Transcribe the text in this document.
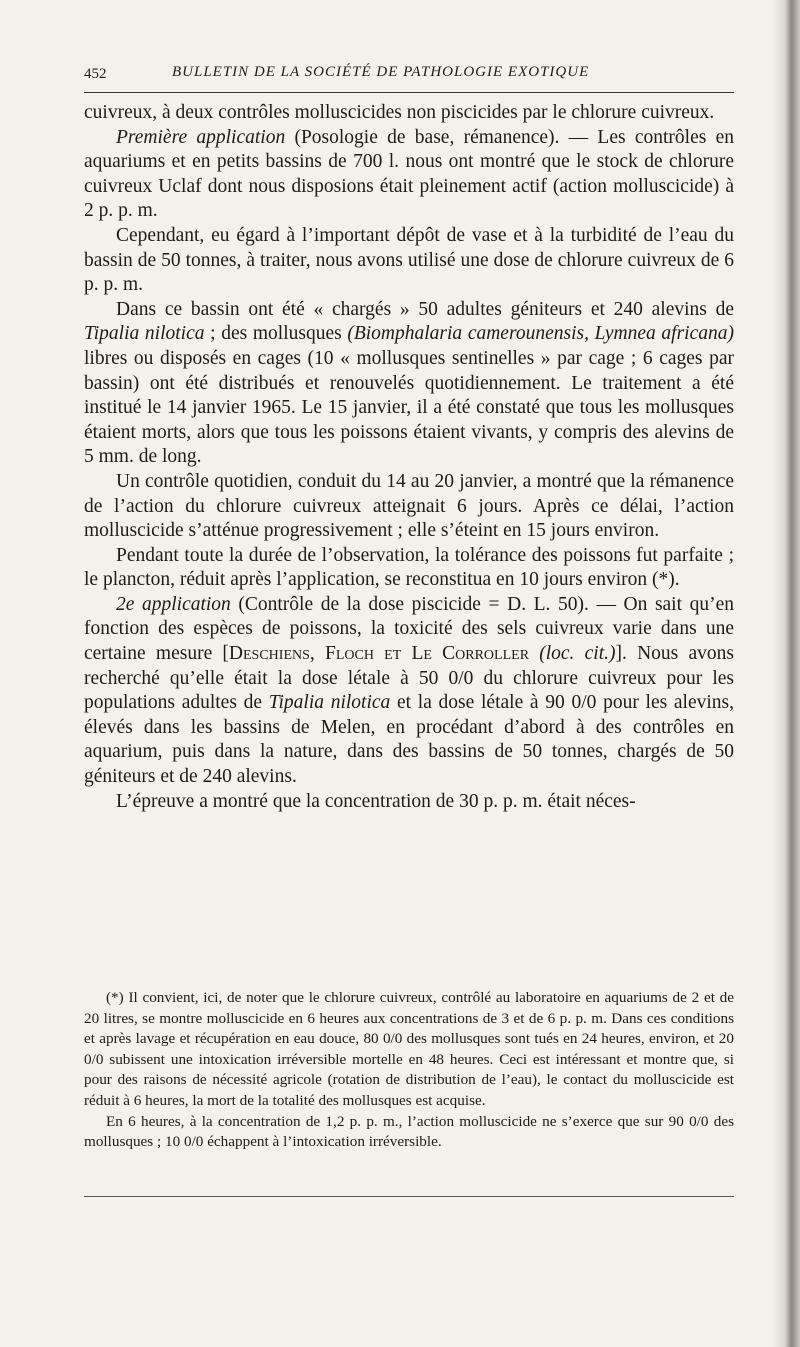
452	BULLETIN DE LA SOCIÉTÉ DE PATHOLOGIE EXOTIQUE

cuivreux, à deux contrôles molluscicides non piscicides par le chlorure cuivreux.

Première application (Posologie de base, rémanence). — Les contrôles en aquariums et en petits bassins de 700 l. nous ont montré que le stock de chlorure cuivreux Uclaf dont nous disposions était pleinement actif (action molluscicide) à 2 p. p. m.

Cependant, eu égard à l’important dépôt de vase et à la turbidité de l’eau du bassin de 50 tonnes, à traiter, nous avons utilisé une dose de chlorure cuivreux de 6 p. p. m.

Dans ce bassin ont été « chargés » 50 adultes géniteurs et 240 alevins de Tipalia nilotica ; des mollusques (Biomphalaria camerounensis, Lymnea africana) libres ou disposés en cages (10 « mollusques sentinelles » par cage ; 6 cages par bassin) ont été distribués et renouvelés quotidiennement. Le traitement a été institué le 14 janvier 1965. Le 15 janvier, il a été constaté que tous les mollusques étaient morts, alors que tous les poissons étaient vivants, y compris des alevins de 5 mm. de long.

Un contrôle quotidien, conduit du 14 au 20 janvier, a montré que la rémanence de l’action du chlorure cuivreux atteignait 6 jours. Après ce délai, l’action molluscicide s’atténue progressivement ; elle s’éteint en 15 jours environ.

Pendant toute la durée de l’observation, la tolérance des poissons fut parfaite ; le plancton, réduit après l’application, se reconstitua en 10 jours environ (*).

2e application (Contrôle de la dose piscicide = D. L. 50). — On sait qu’en fonction des espèces de poissons, la toxicité des sels cuivreux varie dans une certaine mesure [Deschiens, Floch et Le Corroller (loc. cit.)]. Nous avons recherché qu’elle était la dose létale à 50 0/0 du chlorure cuivreux pour les populations adultes de Tipalia nilotica et la dose létale à 90 0/0 pour les alevins, élevés dans les bassins de Melen, en procédant d’abord à des contrôles en aquarium, puis dans la nature, dans des bassins de 50 tonnes, chargés de 50 géniteurs et de 240 alevins.

L’épreuve a montré que la concentration de 30 p. p. m. était néces-

(*) Il convient, ici, de noter que le chlorure cuivreux, contrôlé au laboratoire en aquariums de 2 et de 20 litres, se montre molluscicide en 6 heures aux concentrations de 3 et de 6 p. p. m. Dans ces conditions et après lavage et récupération en eau douce, 80 0/0 des mollusques sont tués en 24 heures, environ, et 20 0/0 subissent une intoxication irréversible mortelle en 48 heures. Ceci est intéressant et montre que, si pour des raisons de nécessité agricole (rotation de distribution de l’eau), le contact du molluscicide est réduit à 6 heures, la mort de la totalité des mollusques est acquise.

En 6 heures, à la concentration de 1,2 p. p. m., l’action molluscicide ne s’exerce que sur 90 0/0 des mollusques ; 10 0/0 échappent à l’intoxication irréversible.
